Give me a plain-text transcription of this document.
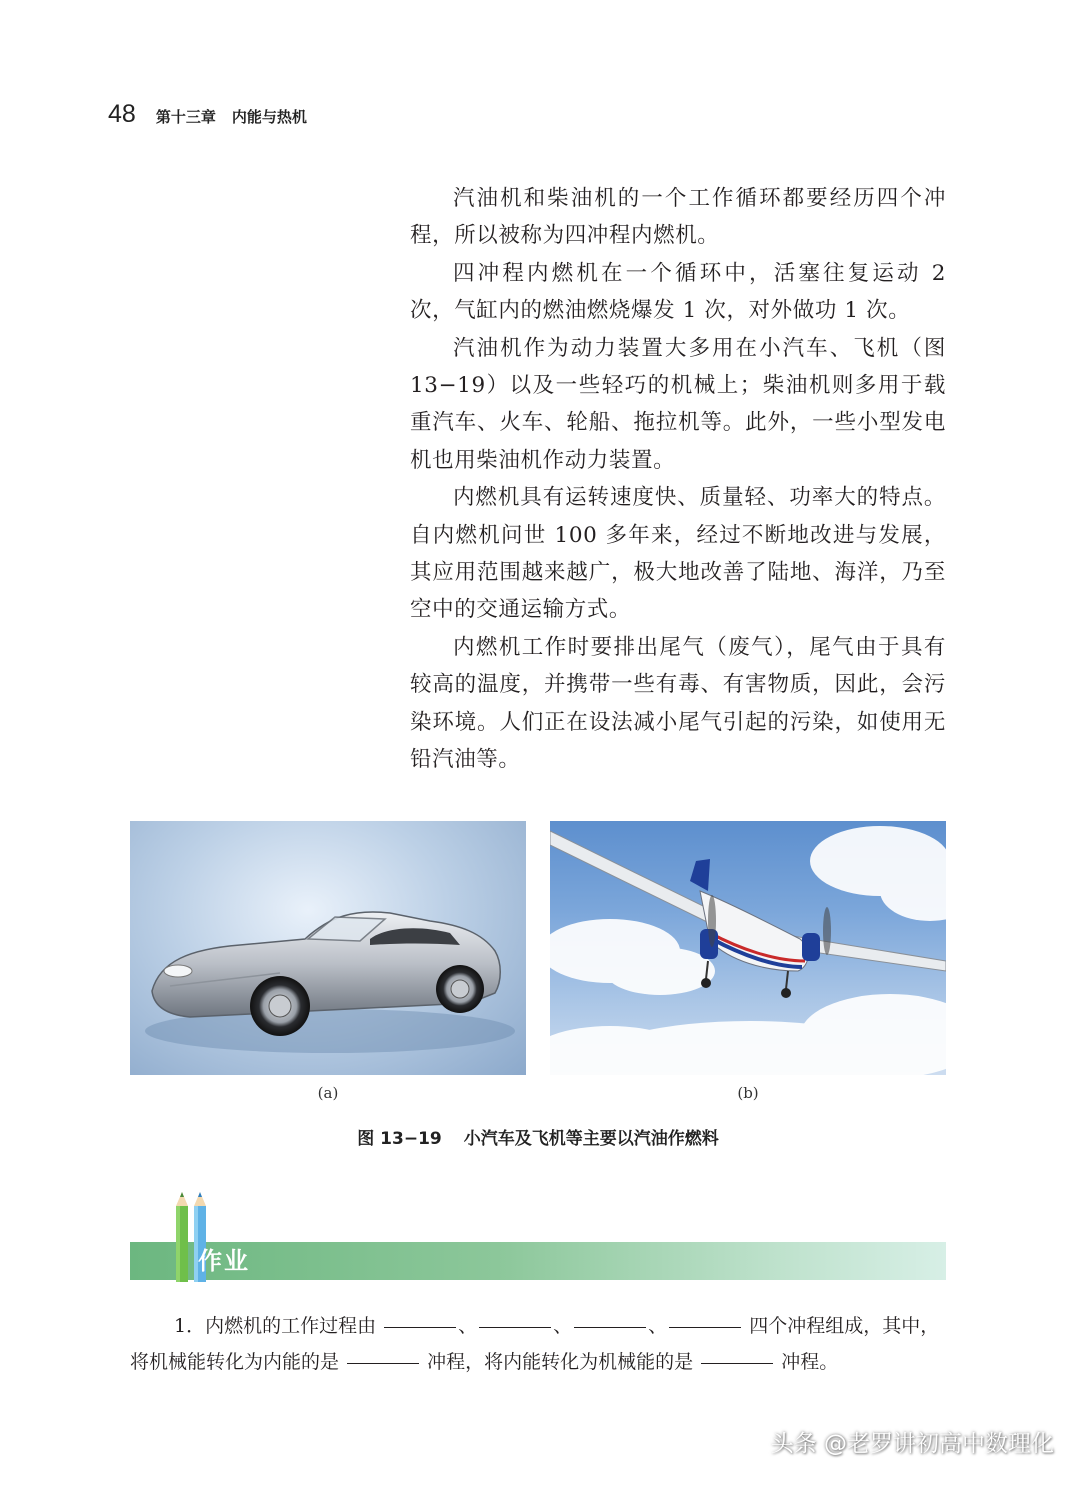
48 第十三章 内能与热机

汽油机和柴油机的一个工作循环都要经历四个冲程，所以被称为四冲程内燃机。

四冲程内燃机在一个循环中，活塞往复运动 2 次，气缸内的燃油燃烧爆发 1 次，对外做功 1 次。

汽油机作为动力装置大多用在小汽车、飞机（图 13−19）以及一些轻巧的机械上；柴油机则多用于载重汽车、火车、轮船、拖拉机等。此外，一些小型发电机也用柴油机作动力装置。

内燃机具有运转速度快、质量轻、功率大的特点。自内燃机问世 100 多年来，经过不断地改进与发展，其应用范围越来越广，极大地改善了陆地、海洋，乃至空中的交通运输方式。

内燃机工作时要排出尾气（废气），尾气由于具有较高的温度，并携带一些有毒、有害物质，因此，会污染环境。人们正在设法减小尾气引起的污染，如使用无铅汽油等。

(a)	(b)
图 13−19 小汽车及飞机等主要以汽油作燃料
作业
1．内燃机的工作过程由	、	、	、	四个冲程组成，其中，
将机械能转化为内能的是	冲程，将内能转化为机械能的是	冲程。
头条 @老罗讲初高中数理化
